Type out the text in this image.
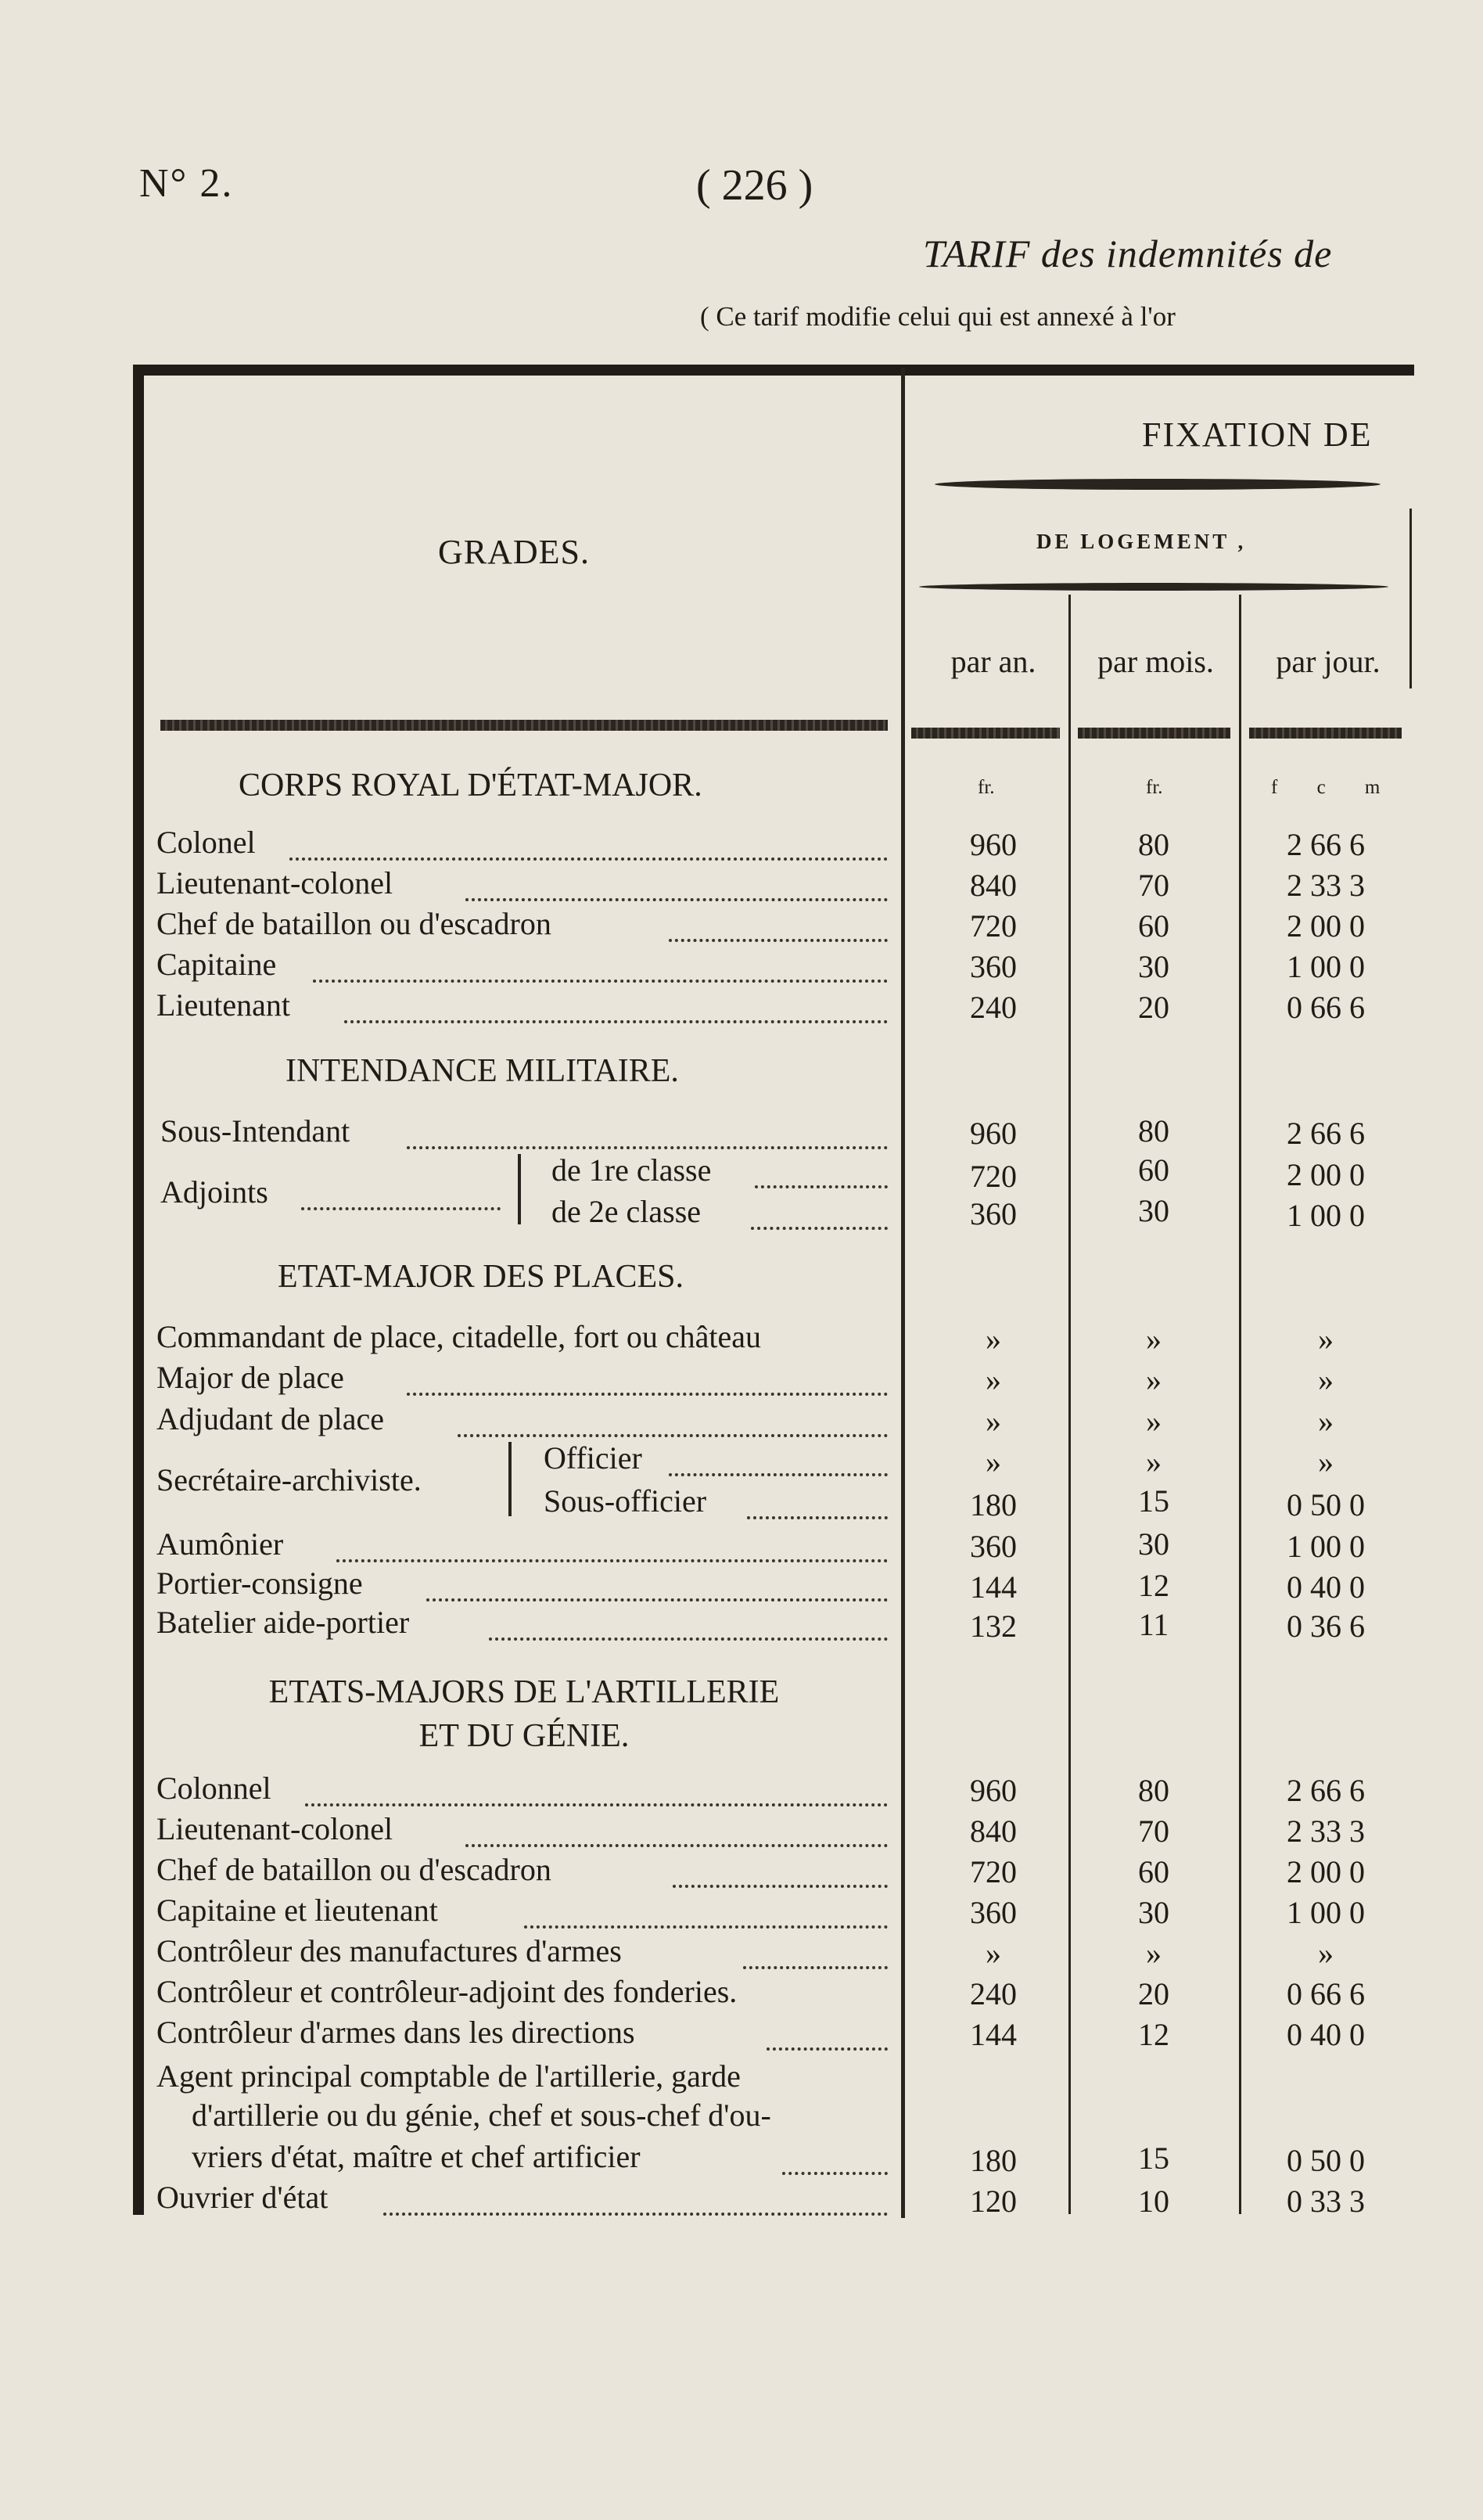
N° 2.	( 226 )
TARIF des indemnités de
( Ce tarif modifie celui qui est annexé à l'or
GRADES.
FIXATION DE
DE LOGEMENT ,
par an.	par mois.	par jour.
fr.	fr.	f c m
CORPS ROYAL D'ÉTAT-MAJOR.
Colonel	960	80	2 66 6
Lieutenant-colonel	840	70	2 33 3
Chef de bataillon ou d'escadron	720	60	2 00 0
Capitaine	360	30	1 00 0
Lieutenant	240	20	0 66 6
INTENDANCE MILITAIRE.
Sous-Intendant	960	80	2 66 6
Adjoints
de 1re classe	720	60	2 00 0
de 2e classe	360	30	1 00 0
ETAT-MAJOR DES PLACES.
Commandant de place, citadelle, fort ou château	»	»	»
Major de place	»	»	»
Adjudant de place	»	»	»
Secrétaire-archiviste.
Officier	»	»	»
Sous-officier	180	15	0 50 0
Aumônier	360	30	1 00 0
Portier-consigne	144	12	0 40 0
Batelier aide-portier	132	11	0 36 6
ETATS-MAJORS DE L'ARTILLERIE
ET DU GÉNIE.
Colonnel	960	80	2 66 6
Lieutenant-colonel	840	70	2 33 3
Chef de bataillon ou d'escadron	720	60	2 00 0
Capitaine et lieutenant	360	30	1 00 0
Contrôleur des manufactures d'armes	»	»	»
Contrôleur et contrôleur-adjoint des fonderies.	240	20	0 66 6
Contrôleur d'armes dans les directions	144	12	0 40 0
Agent principal comptable de l'artillerie, garde
d'artillerie ou du génie, chef et sous-chef d'ou-
vriers d'état, maître et chef artificier	180	15	0 50 0
Ouvrier d'état	120	10	0 33 3
